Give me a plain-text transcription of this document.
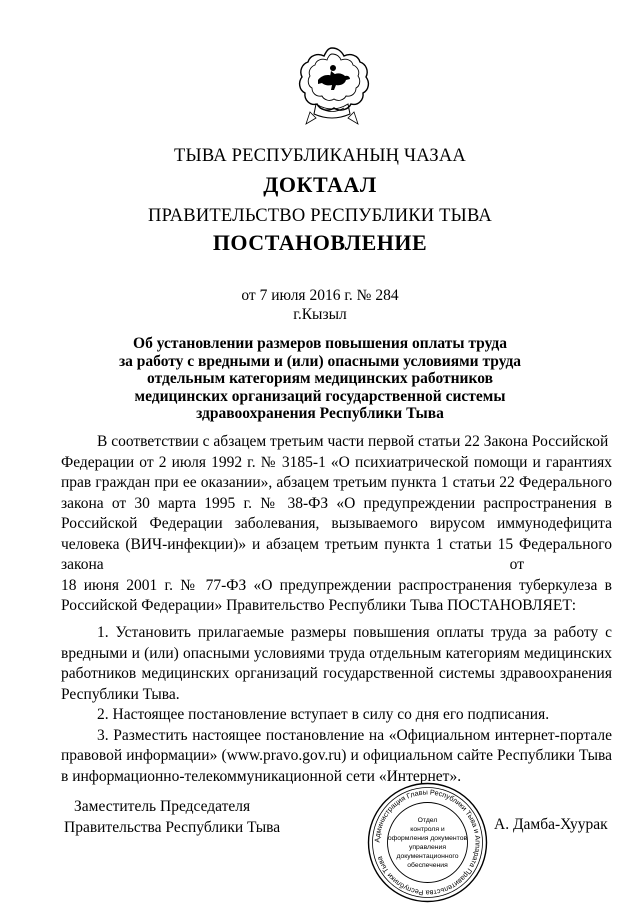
ТЫВА РЕСПУБЛИКАНЫҢ ЧАЗАА
ДОКТААЛ
ПРАВИТЕЛЬСТВО РЕСПУБЛИКИ ТЫВА
ПОСТАНОВЛЕНИЕ
от 7 июля 2016 г. № 284
г.Кызыл
Об установлении размеров повышения оплаты труда
за работу с вредными и (или) опасными условиями труда
отдельным категориям медицинских работников
медицинских организаций государственной системы
здравоохранения Республики Тыва
В соответствии с абзацем третьим части первой статьи 22 Закона Российской
Федерации от 2 июля 1992 г. № 3185-1 «О психиатрической помощи и гарантиях
прав граждан при ее оказании», абзацем третьим пункта 1 статьи 22 Федерального
закона от 30 марта 1995 г. № 38-ФЗ «О предупреждении распространения в
Российской Федерации заболевания, вызываемого вирусом иммунодефицита
человека (ВИЧ-инфекции)» и абзацем третьим пункта 1 статьи 15 Федерального
закона	от
18 июня 2001 г. № 77-ФЗ «О предупреждении распространения туберкулеза в
Российской Федерации» Правительство Республики Тыва ПОСТАНОВЛЯЕТ:
1. Установить прилагаемые размеры повышения оплаты труда за работу с вредными и (или) опасными условиями труда отдельным категориям медицинских работников медицинских организаций государственной системы здравоохранения Республики Тыва.
2. Настоящее постановление вступает в силу со дня его подписания.
3. Разместить настоящее постановление на «Официальном интернет-портале правовой информации» (www.pravo.gov.ru) и официальном сайте Республики Тыва в информационно-телекоммуникационной сети «Интернет».
Заместитель Председателя
Правительства Республики Тыва
Администрация Главы Республики Тыва и Аппарата Правительства Республики Тыва
Отдел
контроля и
оформления документов
управления
документационного
обеспечения
А. Дамба-Хуурак
